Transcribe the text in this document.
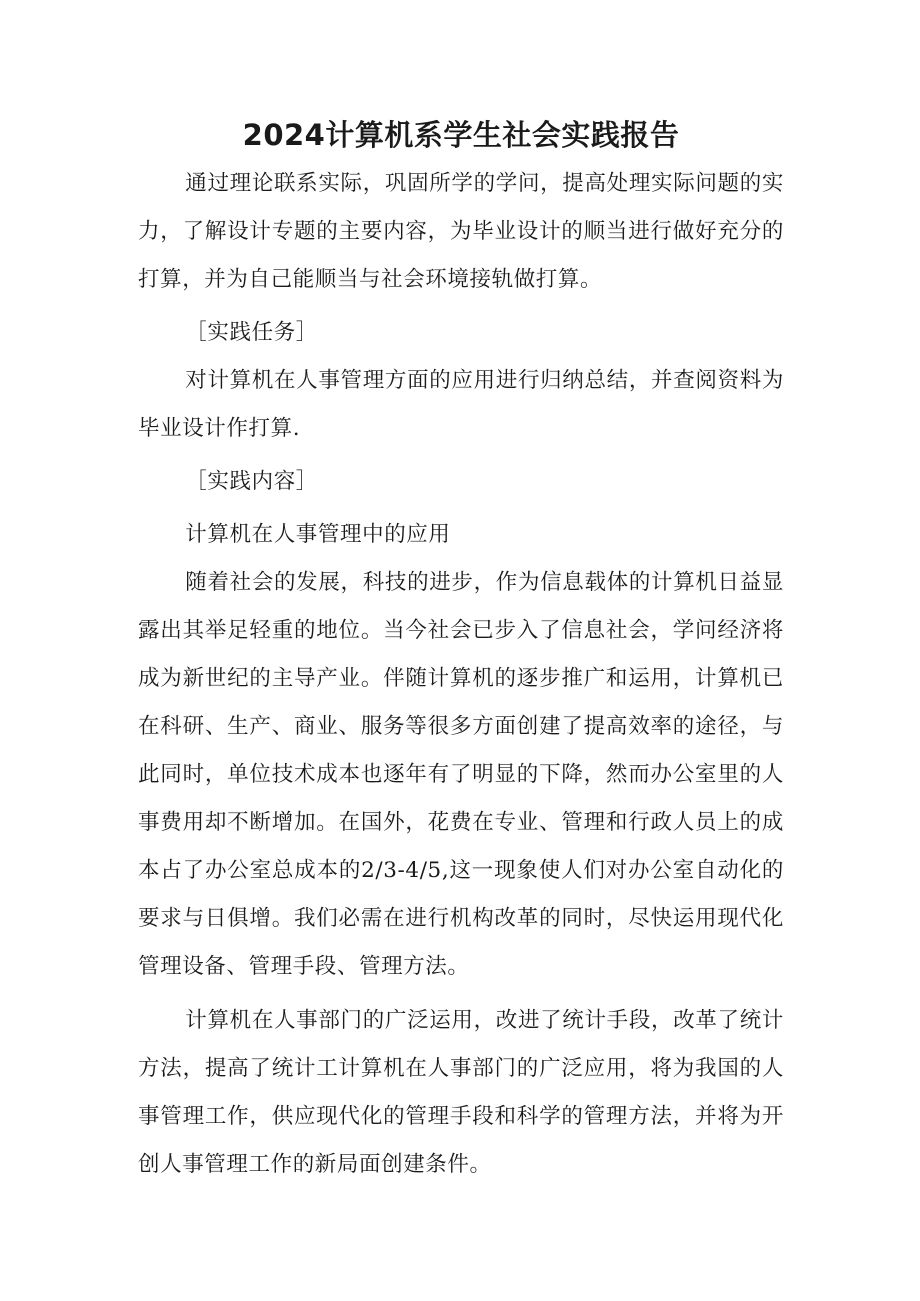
2024计算机系学生社会实践报告

通过理论联系实际，巩固所学的学问，提高处理实际问题的实力，了解设计专题的主要内容，为毕业设计的顺当进行做好充分的打算，并为自己能顺当与社会环境接轨做打算。

［实践任务］

对计算机在人事管理方面的应用进行归纳总结，并查阅资料为毕业设计作打算.

［实践内容］

计算机在人事管理中的应用

随着社会的发展，科技的进步，作为信息载体的计算机日益显露出其举足轻重的地位。当今社会已步入了信息社会，学问经济将成为新世纪的主导产业。伴随计算机的逐步推广和运用，计算机已在科研、生产、商业、服务等很多方面创建了提高效率的途径，与此同时，单位技术成本也逐年有了明显的下降，然而办公室里的人事费用却不断增加。在国外，花费在专业、管理和行政人员上的成本占了办公室总成本的2/3-4/5,这一现象使人们对办公室自动化的要求与日俱增。我们必需在进行机构改革的同时，尽快运用现代化管理设备、管理手段、管理方法。

计算机在人事部门的广泛运用，改进了统计手段，改革了统计方法，提高了统计工计算机在人事部门的广泛应用，将为我国的人事管理工作，供应现代化的管理手段和科学的管理方法，并将为开创人事管理工作的新局面创建条件。
